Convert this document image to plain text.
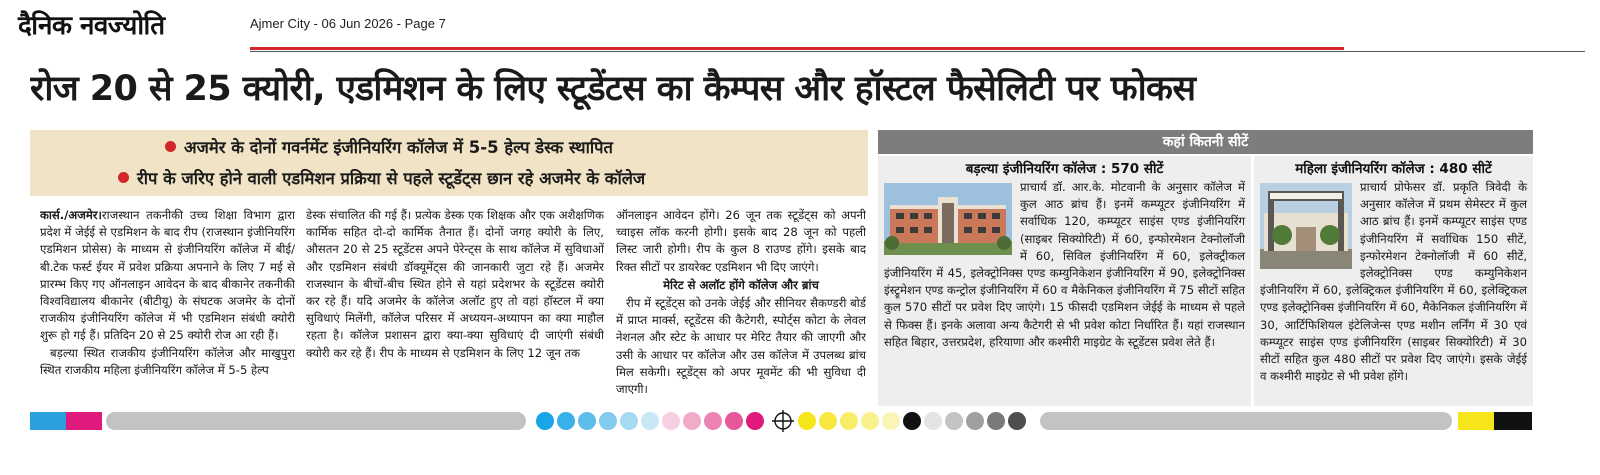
दैनिक नवज्योति	Ajmer City - 06 Jun 2026 - Page 7
रोज 20 से 25 क्योरी, एडमिशन के लिए स्टूडेंटस का कैम्पस और हॉस्टल फैसेलिटी पर फोकस
अजमेर के दोनों गवर्नमेंट इंजीनियरिंग कॉलेज में 5-5 हेल्प डेस्क स्थापित
रीप के जरिए होने वाली एडमिशन प्रक्रिया से पहले स्टूडेंट्स छान रहे अजमेर के कॉलेज

कार्स./अजमेर।राजस्थान तकनीकी उच्च शिक्षा विभाग द्वारा प्रदेश में जेईई से एडमिशन के बाद रीप (राजस्थान इंजीनियरिंग एडमिशन प्रोसेस) के माध्यम से इंजीनियरिंग कॉलेज में बीई/बी.टेक फर्स्ट ईयर में प्रवेश प्रक्रिया अपनाने के लिए 7 मई से प्रारम्भ किए गए ऑनलाइन आवेदन के बाद बीकानेर तकनीकी विश्वविद्यालय बीकानेर (बीटीयू) के संघटक अजमेर के दोनों राजकीय इंजीनियरिंग कॉलेज में भी एडमिशन संबंधी क्योरी शुरू हो गई हैं। प्रतिदिन 20 से 25 क्योरी रोज आ रही हैं।

बड़ल्या स्थित राजकीय इंजीनियरिंग कॉलेज और माखुपुरा स्थित राजकीय महिला इंजीनियरिंग कॉलेज में 5-5 हेल्प

डेस्क संचालित की गई हैं। प्रत्येक डेस्क एक शिक्षक और एक अशैक्षणिक कार्मिक सहित दो-दो कार्मिक तैनात हैं। दोनों जगह क्योरी के लिए, औसतन 20 से 25 स्टूडेंटस अपने पेरेन्ट्स के साथ कॉलेज में सुविधाओं और एडमिशन संबंधी डॉक्यूमेंट्स की जानकारी जुटा रहे हैं। अजमेर राजस्थान के बीचों-बीच स्थित होने से यहां प्रदेशभर के स्टूडेंटस क्योरी कर रहे हैं। यदि अजमेर के कॉलेज अलॉट हुए तो वहां हॉस्टल में क्या सुविधाएं मिलेंगी, कॉलेज परिसर में अध्ययन-अध्यापन का क्या माहौल रहता है। कॉलेज प्रशासन द्वारा क्या-क्या सुविधाएं दी जाएंगी संबंधी क्योरी कर रहे हैं। रीप के माध्यम से एडमिशन के लिए 12 जून तक

ऑनलाइन आवेदन होंगे। 26 जून तक स्टूडेंट्स को अपनी च्वाइस लॉक करनी होगी। इसके बाद 28 जून को पहली लिस्ट जारी होगी। रीप के कुल 8 राउण्ड होंगे। इसके बाद रिक्त सीटों पर डायरेक्ट एडमिशन भी दिए जाएंगे।

मेरिट से अलॉट होंगे कॉलेज और ब्रांच

रीप में स्टूडेंट्स को उनके जेईई और सीनियर सैकण्डरी बोर्ड में प्राप्त मार्क्स, स्टूडेंटस की कैटेगरी, स्पोर्ट्स कोटा के लेवल नेशनल और स्टेट के आधार पर मेरिट तैयार की जाएगी और उसी के आधार पर कॉलेज और उस कॉलेज में उपलब्ध ब्रांच मिल सकेगी। स्टूडेंट्स को अपर मूवमेंट की भी सुविधा दी जाएगी।

कहां कितनी सीटें
बड़ल्या इंजीनियरिंग कॉलेज : 570 सीटें
प्राचार्य डॉ. आर.के. मोटवानी के अनुसार कॉलेज में कुल आठ ब्रांच हैं। इनमें कम्प्यूटर इंजीनियरिंग में सर्वाधिक 120, कम्प्यूटर साइंस एण्ड इंजीनियरिंग (साइबर सिक्योरिटी) में 60, इन्फोरमेशन टेक्नोलॉजी में 60, सिविल इंजीनियरिंग में 60, इलेक्ट्रीकल इंजीनियरिंग में 45, इलेक्ट्रोनिक्स एण्ड कम्युनिकेशन इंजीनियरिंग में 90, इलेक्ट्रोनिक्स इंस्ट्रूमेशन एण्ड कन्ट्रोल इंजीनियरिंग में 60 व मैकेनिकल इंजीनियरिंग में 75 सीटों सहित कुल 570 सीटों पर प्रवेश दिए जाएंगे। 15 फीसदी एडमिशन जेईई के माध्यम से पहले से फिक्स हैं। इनके अलावा अन्य कैटेगरी से भी प्रवेश कोटा निर्धारित हैं। यहां राजस्थान सहित बिहार, उत्तरप्रदेश, हरियाणा और कश्मीरी माइग्रेट के स्टूडेंटस प्रवेश लेते हैं।
महिला इंजीनियरिंग कॉलेज : 480 सीटें
प्राचार्य प्रोफेसर डॉ. प्रकृति त्रिवेदी के अनुसार कॉलेज में प्रथम सेमेस्टर में कुल आठ ब्रांच हैं। इनमें कम्प्यूटर साइंस एण्ड इंजीनियरिंग में सर्वाधिक 150 सीटें, इन्फोरमेशन टेक्नोलॉजी में 60 सीटें, इलेक्ट्रोनिक्स एण्ड कम्युनिकेशन इंजीनियरिंग में 60, इलेक्ट्रिकल इंजीनियरिंग में 60, इलेक्ट्रिकल एण्ड इलेक्ट्रोनिक्स इंजीनियरिंग में 60, मैकेनिकल इंजीनियरिंग में 30, आर्टिफिशियल इंटेलिजेन्स एण्ड मशीन लर्निंग में 30 एवं कम्प्यूटर साइंस एण्ड इंजीनियरिंग (साइबर सिक्योरिटी) में 30 सीटों सहित कुल 480 सीटों पर प्रवेश दिए जाएंगे। इसके जेईई व कश्मीरी माइग्रेट से भी प्रवेश होंगे।
